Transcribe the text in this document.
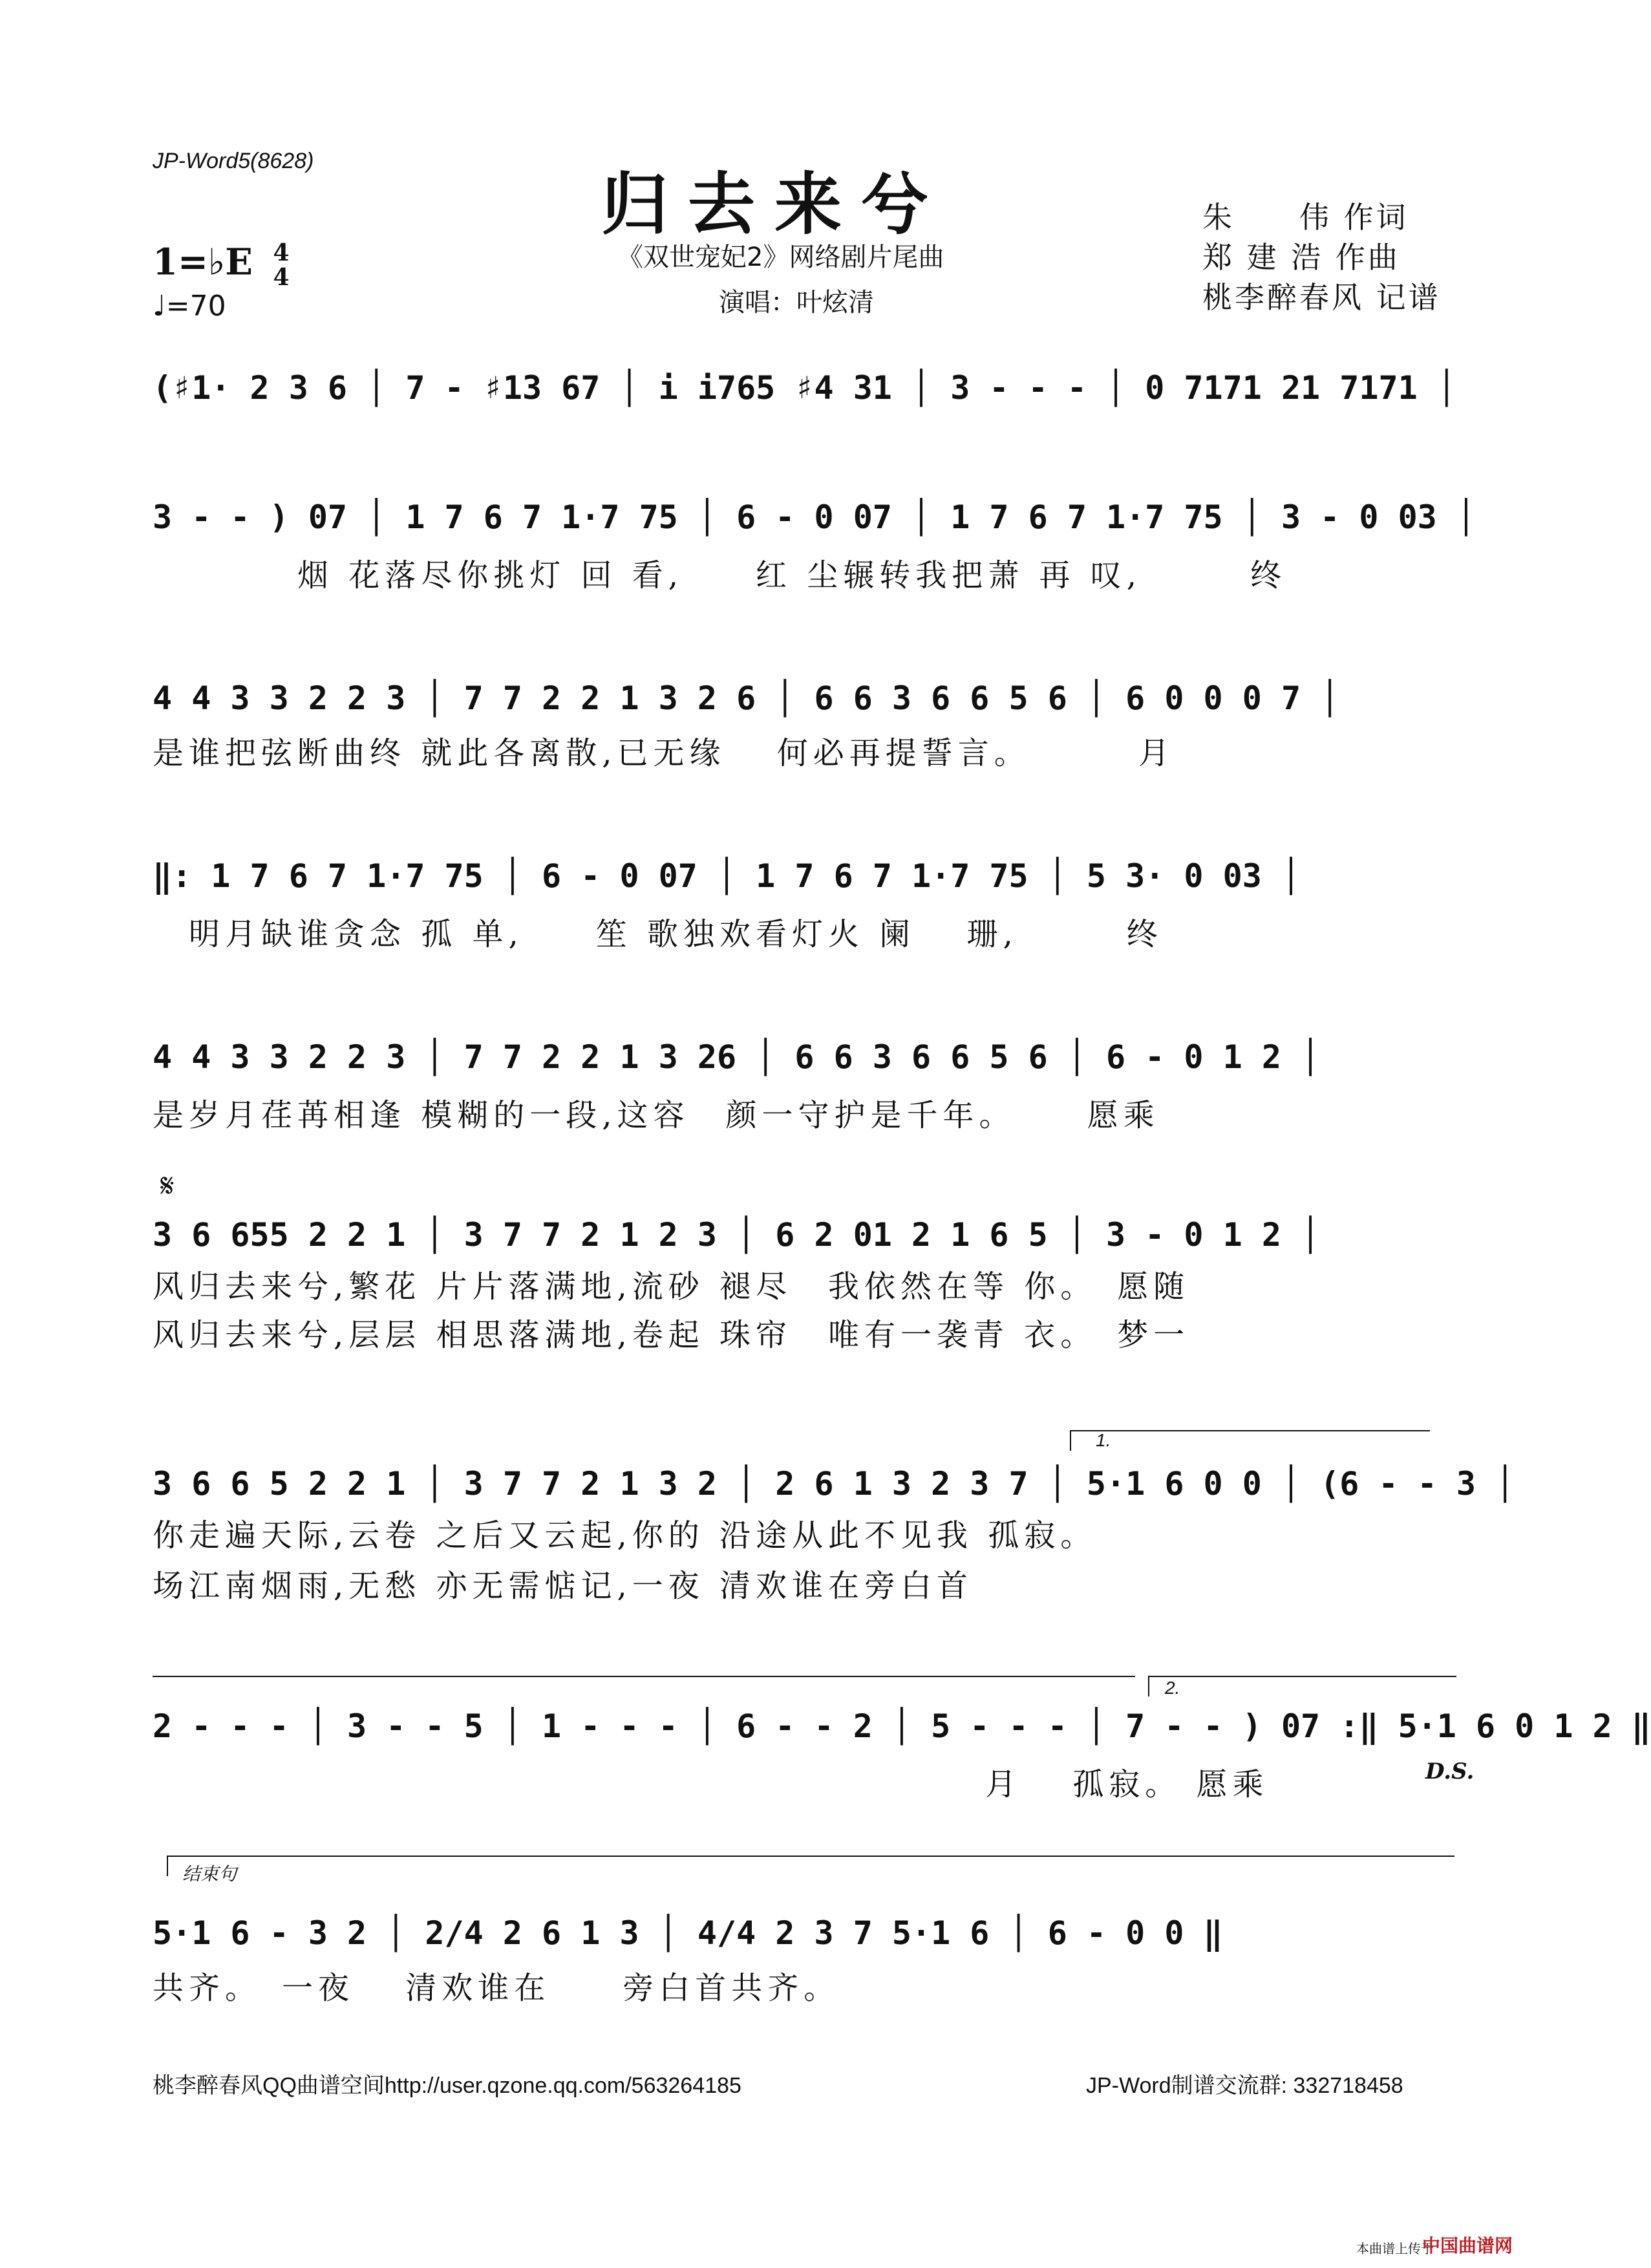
JP-Word5(8628)
归去来兮
《双世宠妃2》网络剧片尾曲
演唱：叶炫清
朱　　伟 作词
郑 建 浩 作曲
桃李醉春风 记谱
1=♭E 4
4
♩=70
(♯1· 2 3 6 │ 7 - ♯13 67 │ i i765 ♯4 31 │ 3 - - - │ 0 7171 21 7171 │
3 - - ) 07 │ 1 7 6 7 1·7 75 │ 6 - 0 07 │ 1 7 6 7 1·7 75 │ 3 - 0 03 │
　　　　烟 花落尽你挑灯 回 看,　　红 尘辗转我把萧 再 叹,　　　终
4 4 3 3 2 2 3 │ 7 7 2 2 1 3 2 6 │ 6 6 3 6 6 5 6 │ 6 0 0 0 7 │
是谁把弦断曲终 就此各离散,已无缘　 何必再提誓言。　　　 月
‖: 1 7 6 7 1·7 75 │ 6 - 0 07 │ 1 7 6 7 1·7 75 │ 5 3· 0 03 │
　明月缺谁贪念 孤 单,　　笙 歌独欢看灯火 阑　 珊,　　　终
4 4 3 3 2 2 3 │ 7 7 2 2 1 3 26 │ 6 6 3 6 6 5 6 │ 6 - 0 1 2 │
是岁月荏苒相逢 模糊的一段,这容　颜一守护是千年。　　 愿乘
𝄋
3 6 655 2 2 1 │ 3 7 7 2 1 2 3 │ 6 2 01 2 1 6 5 │ 3 - 0 1 2 │
风归去来兮,繁花 片片落满地,流砂 褪尽　我依然在等 你。　愿随
风归去来兮,层层 相思落满地,卷起 珠帘　唯有一袭青 衣。　梦一
1.
3 6 6 5 2 2 1 │ 3 7 7 2 1 3 2 │ 2 6 1 3 2 3 7 │ 5·1 6 0 0 │ (6 - - 3 │
你走遍天际,云卷 之后又云起,你的 沿途从此不见我 孤寂。
场江南烟雨,无愁 亦无需惦记,一夜 清欢谁在旁白首
2.
2 - - - │ 3 - - 5 │ 1 - - - │ 6 - - 2 │ 5 - - - │ 7 - - ) 07 :‖ 5·1 6 0 1 2 ‖
　　　　　　　　　　　　　　　　　　　　　　　月　 孤寂。 愿乘	D.S.
结束句
5·1 6 - 3 2 │ 2/4 2 6 1 3 │ 4/4 2 3 7 5·1 6 │ 6 - 0 0 ‖
共齐。　一夜　 清欢谁在　　旁白首共齐。
桃李醉春风QQ曲谱空间http://user.qzone.qq.com/563264185	JP-Word制谱交流群: 332718458
本曲谱上传于
中国曲谱网
